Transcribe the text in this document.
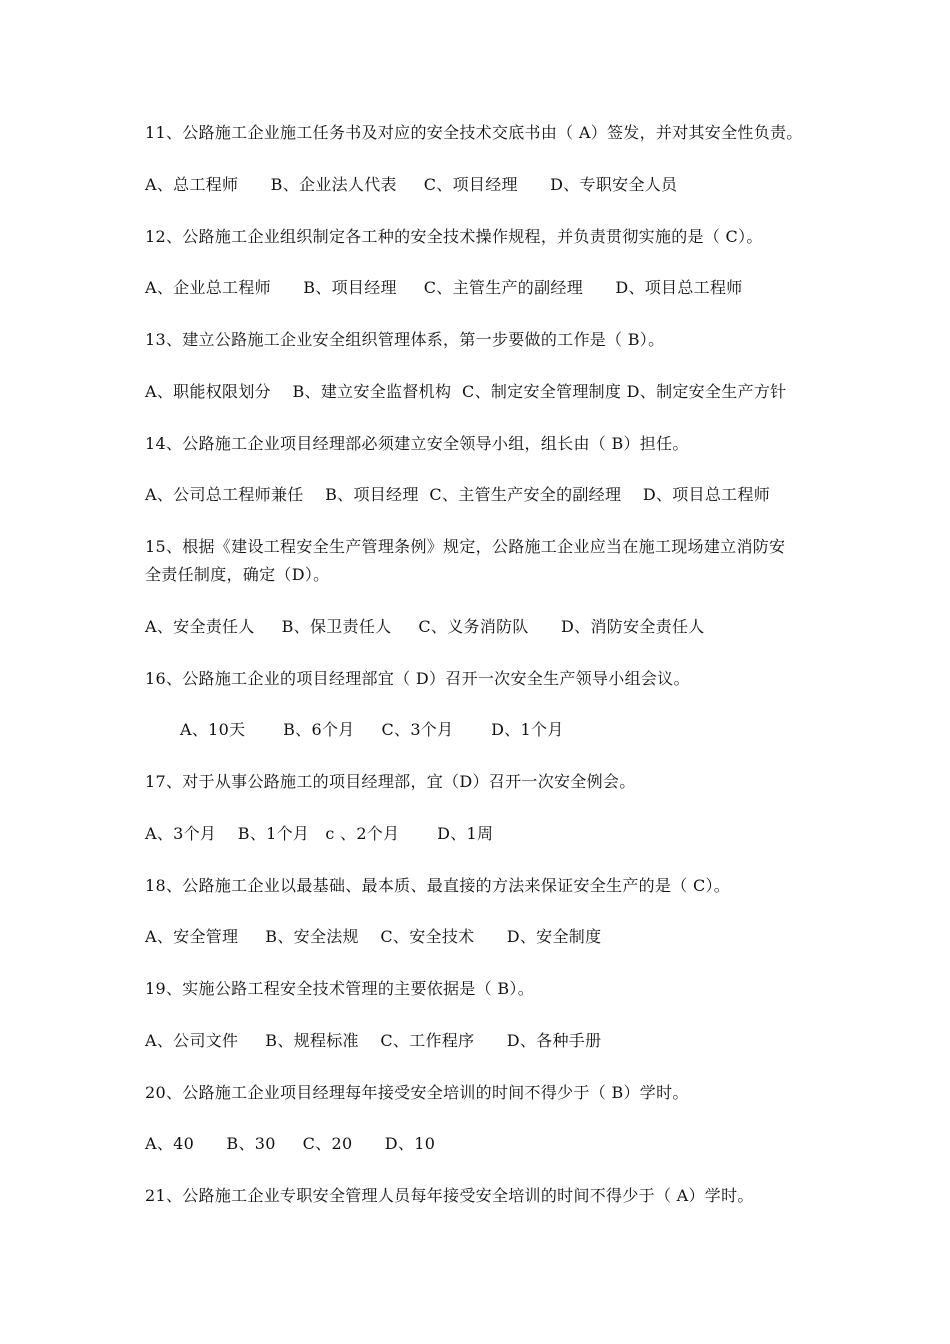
11、公路施工企业施工任务书及对应的安全技术交底书由（ A）签发，并对其安全性负责。
A、总工程师      B、企业法人代表     C、项目经理      D、专职安全人员
12、公路施工企业组织制定各工种的安全技术操作规程，并负责贯彻实施的是（ C）。
A、企业总工程师      B、项目经理     C、主管生产的副经理      D、项目总工程师
13、建立公路施工企业安全组织管理体系，第一步要做的工作是（ B）。
A、职能权限划分    B、建立安全监督机构  C、制定安全管理制度 D、制定安全生产方针
14、公路施工企业项目经理部必须建立安全领导小组，组长由（ B）担任。
A、公司总工程师兼任    B、项目经理  C、主管生产安全的副经理    D、项目总工程师
15、根据《建设工程安全生产管理条例》规定，公路施工企业应当在施工现场建立消防安
全责任制度，确定（D）。
A、安全责任人     B、保卫责任人     C、义务消防队      D、消防安全责任人
16、公路施工企业的项目经理部宜（ D）召开一次安全生产领导小组会议。
A、10天       B、6个月     C、3个月       D、1个月
17、对于从事公路施工的项目经理部，宜（D）召开一次安全例会。
A、3个月    B、1个月   c 、2个月       D、1周
18、公路施工企业以最基础、最本质、最直接的方法来保证安全生产的是（ C）。
A、安全管理     B、安全法规    C、安全技术      D、安全制度
19、实施公路工程安全技术管理的主要依据是（ B）。
A、公司文件     B、规程标准    C、工作程序      D、各种手册
20、公路施工企业项目经理每年接受安全培训的时间不得少于（ B）学时。
A、40      B、30     C、20      D、10
21、公路施工企业专职安全管理人员每年接受安全培训的时间不得少于（ A）学时。
